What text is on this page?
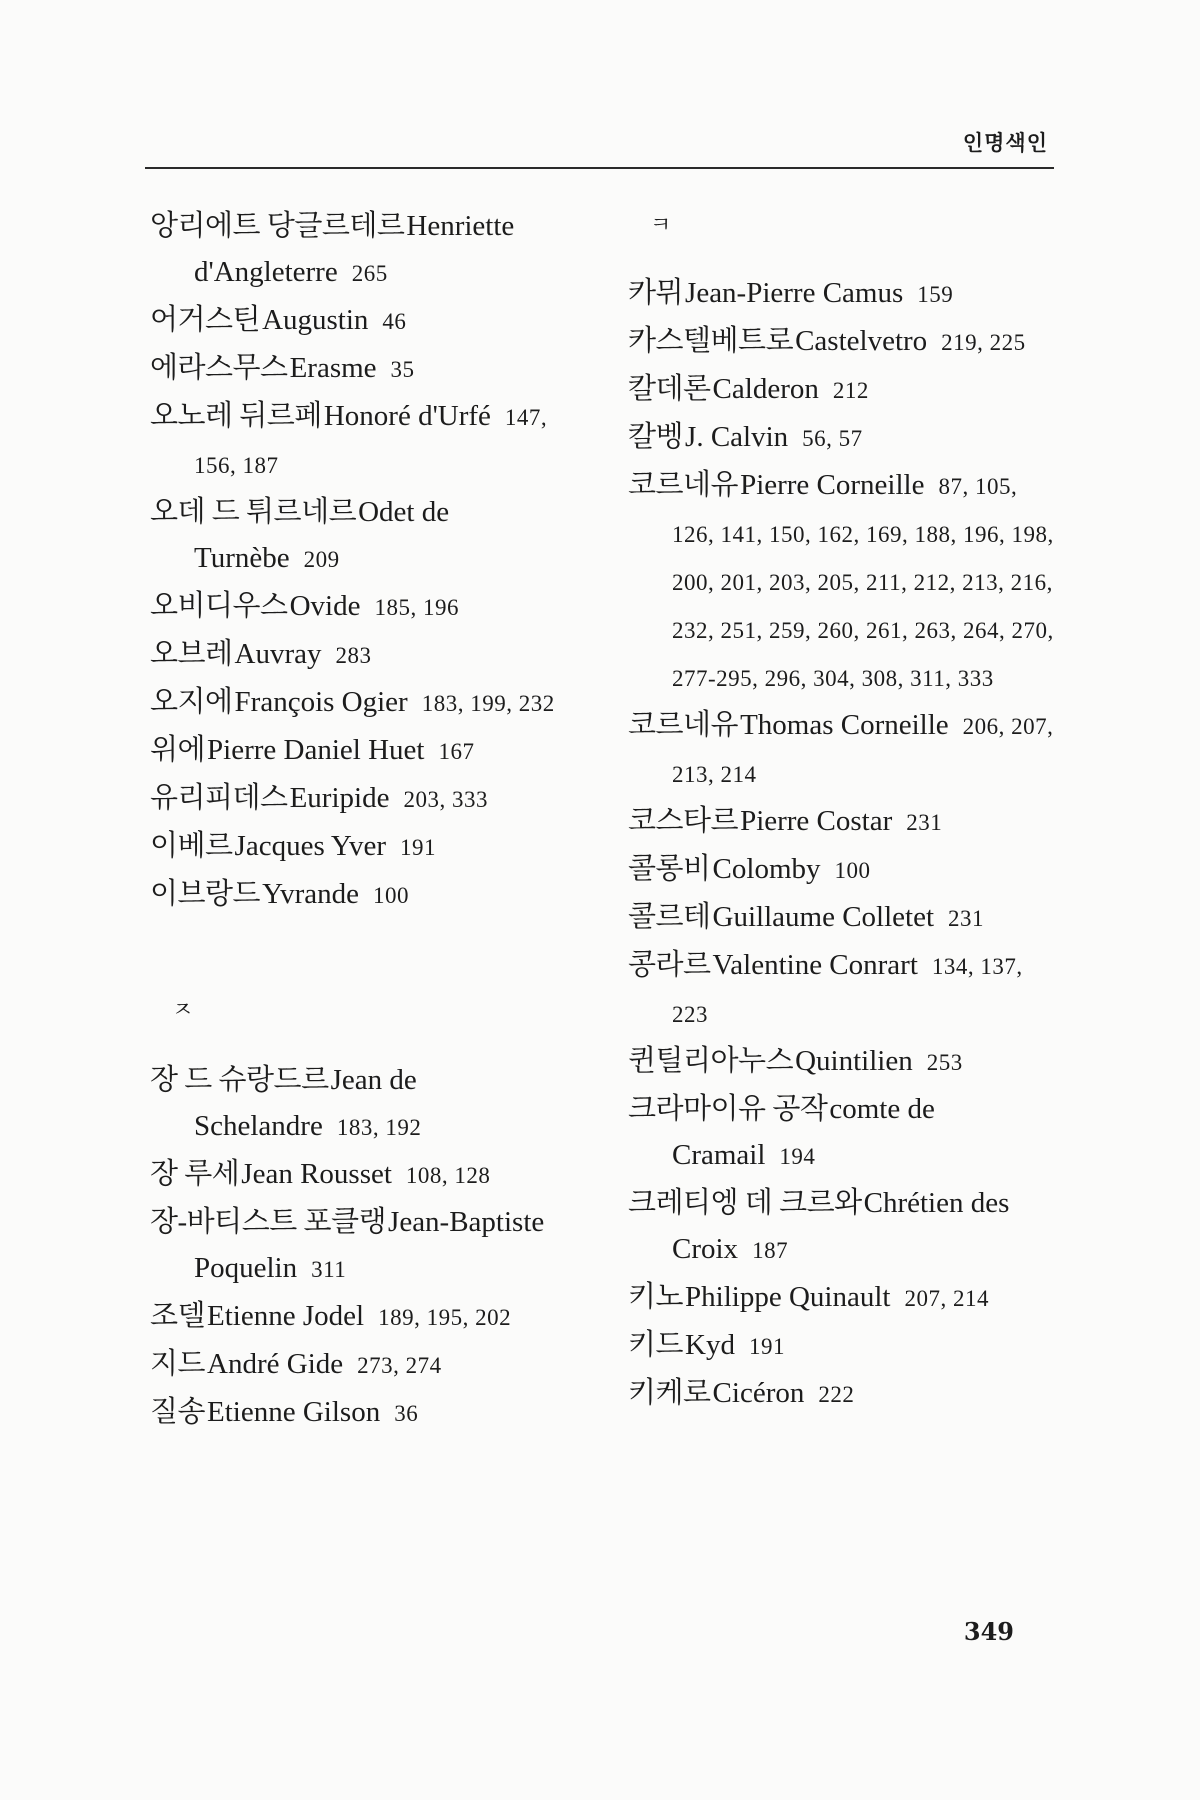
인명색인

앙리에트 당글르테르Henriette d'Angleterre 265

어거스틴Augustin 46

에라스무스Erasme 35

오노레 뒤르페Honoré d'Urfé 147, 156, 187

오데 드 튀르네르Odet de Turnèbe 209

오비디우스Ovide 185, 196

오브레Auvray 283

오지에François Ogier 183, 199, 232

위에Pierre Daniel Huet 167

유리피데스Euripide 203, 333

이베르Jacques Yver 191

이브랑드Yvrande 100

ㅈ

장 드 슈랑드르Jean de Schelandre 183, 192

장 루세Jean Rousset 108, 128

장-바티스트 포클랭Jean-Baptiste Poquelin 311

조델Etienne Jodel 189, 195, 202

지드André Gide 273, 274

질송Etienne Gilson 36

ㅋ

카뮈Jean-Pierre Camus 159

카스텔베트로Castelvetro 219, 225

칼데론Calderon 212

칼벵J. Calvin 56, 57

코르네유Pierre Corneille 87, 105, 126, 141, 150, 162, 169, 188, 196, 198, 200, 201, 203, 205, 211, 212, 213, 216, 232, 251, 259, 260, 261, 263, 264, 270, 277-295, 296, 304, 308, 311, 333

코르네유Thomas Corneille 206, 207, 213, 214

코스타르Pierre Costar 231

콜롱비Colomby 100

콜르테Guillaume Colletet 231

콩라르Valentine Conrart 134, 137, 223

퀸틸리아누스Quintilien 253

크라마이유 공작comte de Cramail 194

크레티엥 데 크르와Chrétien des Croix 187

키노Philippe Quinault 207, 214

키드Kyd 191

키케로Cicéron 222

349
